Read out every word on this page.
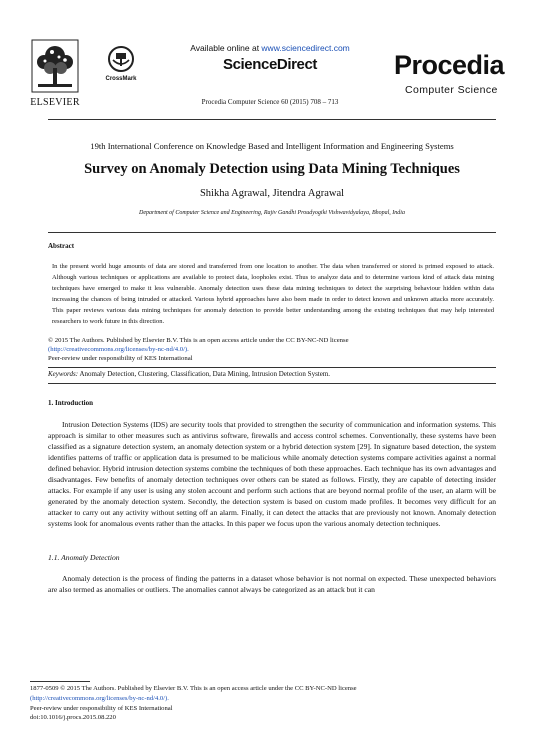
ELSEVIER
CrossMark
Available online at www.sciencedirect.com
ScienceDirect
Procedia Computer Science 60 (2015) 708 – 713
Procedia
Computer Science
19th International Conference on Knowledge Based and Intelligent Information and Engineering Systems
Survey on Anomaly Detection using Data Mining Techniques
Shikha Agrawal, Jitendra Agrawal
Department of Computer Science and Engineering, Rajiv Gandhi Proudyogiki Vishwavidyalaya, Bhopal, India
Abstract
In the present world huge amounts of data are stored and transferred from one location to another. The data when transferred or stored is primed exposed to attack. Although various techniques or applications are available to protect data, loopholes exist. Thus to analyze data and to determine various kind of attack data mining techniques have emerged to make it less vulnerable. Anomaly detection uses these data mining techniques to detect the surprising behaviour hidden within data increasing the chances of being intruded or attacked. Various hybrid approaches have also been made in order to detect known and unknown attacks more accurately. This paper reviews various data mining techniques for anomaly detection to provide better understanding among the existing techniques that may help interested researchers to work future in this direction.
© 2015 The Authors. Published by Elsevier B.V. This is an open access article under the CC BY-NC-ND license
(http://creativecommons.org/licenses/by-nc-nd/4.0/).
Peer-review under responsibility of KES International
Keywords: Anomaly Detection, Clustering, Classification, Data Mining, Intrusion Detection System.
1. Introduction
Intrusion Detection Systems (IDS) are security tools that provided to strengthen the security of communication and information systems. This approach is similar to other measures such as antivirus software, firewalls and access control schemes. Conventionally, these systems have been classified as a signature detection system, an anomaly detection system or a hybrid detection system [29]. In signature based detection, the system identifies patterns of traffic or application data is presumed to be malicious while anomaly detection systems compare activities against a normal defined behavior. Hybrid intrusion detection systems combine the techniques of both these approaches. Each technique has its own advantages and disadvantages. Few benefits of anomaly detection techniques over others can be stated as follows. Firstly, they are capable of detecting insider attacks. For example if any user is using any stolen account and perform such actions that are beyond normal profile of the user, an alarm will be generated by the anomaly detection system. Secondly, the detection system is based on custom made profiles. It becomes very difficult for an attacker to carry out any activity without setting off an alarm. Finally, it can detect the attacks that are previously not known. Anomaly detection systems look for anomalous events rather than the attacks. In this paper we focus upon the various anomaly detection techniques.
1.1. Anomaly Detection
Anomaly detection is the process of finding the patterns in a dataset whose behavior is not normal on expected. These unexpected behaviors are also termed as anomalies or outliers. The anomalies cannot always be categorized as an attack but it can
1877-0509 © 2015 The Authors. Published by Elsevier B.V. This is an open access article under the CC BY-NC-ND license
(http://creativecommons.org/licenses/by-nc-nd/4.0/).
Peer-review under responsibility of KES International
doi:10.1016/j.procs.2015.08.220
